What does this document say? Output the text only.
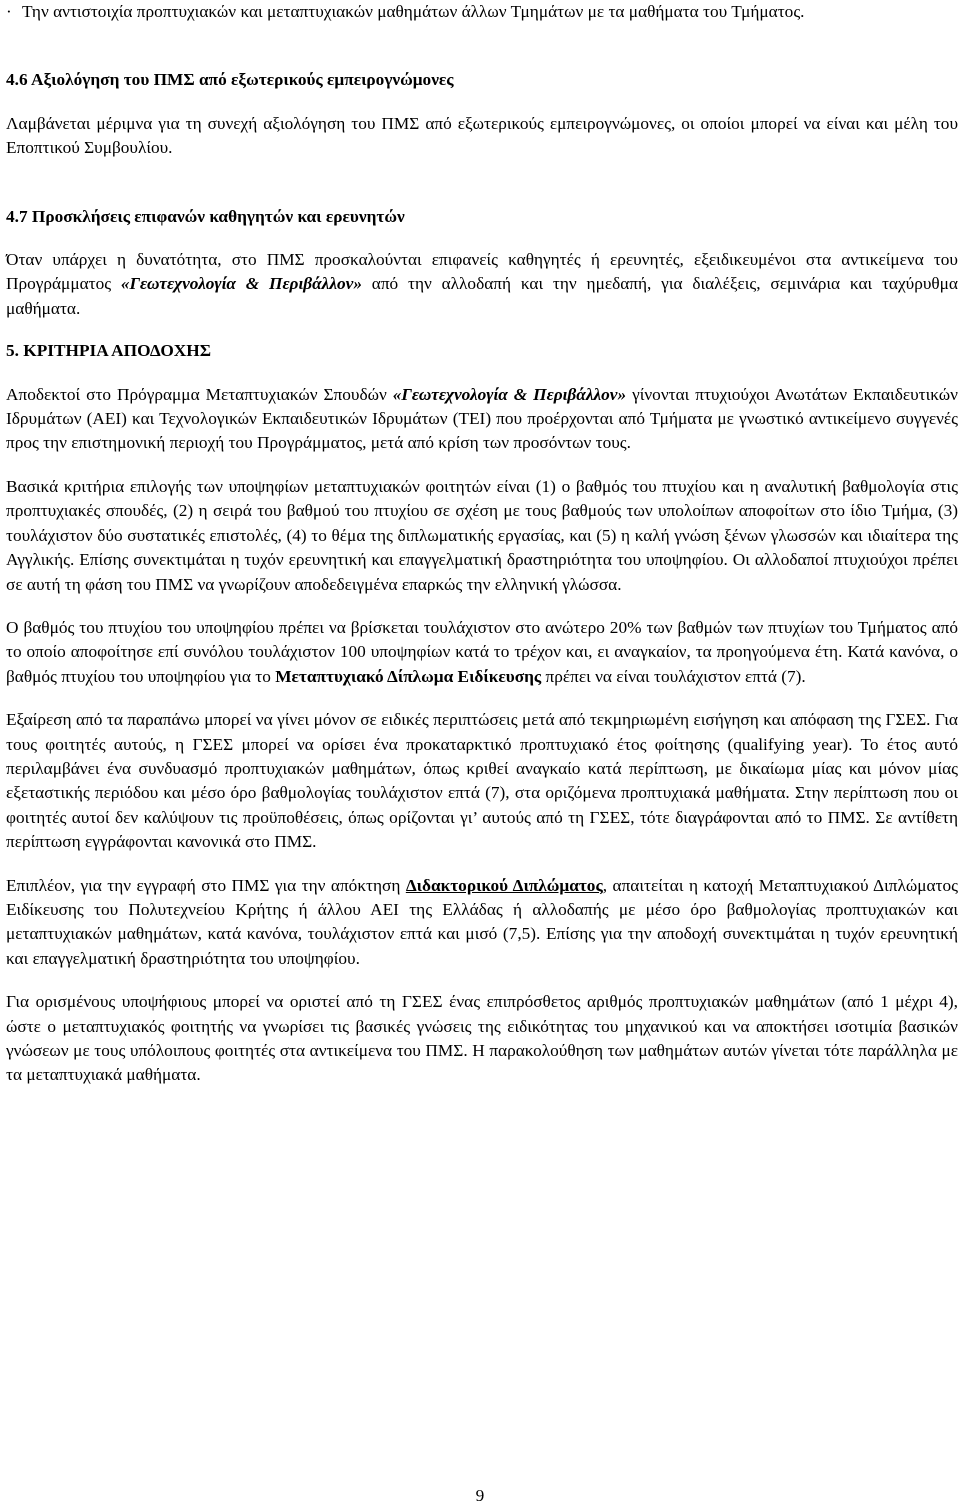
· Την αντιστοιχία προπτυχιακών και μεταπτυχιακών μαθημάτων άλλων Τμημάτων με τα μαθήματα του Τμήματος.

4.6 Αξιολόγηση του ΠΜΣ από εξωτερικούς εμπειρογνώμονες

Λαμβάνεται μέριμνα για τη συνεχή αξιολόγηση του ΠΜΣ από εξωτερικούς εμπειρογνώμονες, οι οποίοι μπορεί να είναι και μέλη του Εποπτικού Συμβουλίου.

4.7 Προσκλήσεις επιφανών καθηγητών και ερευνητών

Όταν υπάρχει η δυνατότητα, στο ΠΜΣ προσκαλούνται επιφανείς καθηγητές ή ερευνητές, εξειδικευμένοι στα αντικείμενα του Προγράμματος «Γεωτεχνολογία & Περιβάλλον» από την αλλοδαπή και την ημεδαπή, για διαλέξεις, σεμινάρια και ταχύρυθμα μαθήματα.

5. ΚΡΙΤΗΡΙΑ ΑΠΟΔΟΧΗΣ

Αποδεκτοί στο Πρόγραμμα Μεταπτυχιακών Σπουδών «Γεωτεχνολογία & Περιβάλλον» γίνονται πτυχιούχοι Ανωτάτων Εκπαιδευτικών Ιδρυμάτων (ΑΕΙ) και Τεχνολογικών Εκπαιδευτικών Ιδρυμάτων (ΤΕΙ) που προέρχονται από Τμήματα με γνωστικό αντικείμενο συγγενές προς την επιστημονική περιοχή του Προγράμματος, μετά από κρίση των προσόντων τους.

Βασικά κριτήρια επιλογής των υποψηφίων μεταπτυχιακών φοιτητών είναι (1) ο βαθμός του πτυχίου και η αναλυτική βαθμολογία στις προπτυχιακές σπουδές, (2) η σειρά του βαθμού του πτυχίου σε σχέση με τους βαθμούς των υπολοίπων αποφοίτων στο ίδιο Τμήμα, (3) τουλάχιστον δύο συστατικές επιστολές, (4) το θέμα της διπλωματικής εργασίας, και (5) η καλή γνώση ξένων γλωσσών και ιδιαίτερα της Αγγλικής. Επίσης συνεκτιμάται η τυχόν ερευνητική και επαγγελματική δραστηριότητα του υποψηφίου. Οι αλλοδαποί πτυχιούχοι πρέπει σε αυτή τη φάση του ΠΜΣ να γνωρίζουν αποδεδειγμένα επαρκώς την ελληνική γλώσσα.

Ο βαθμός του πτυχίου του υποψηφίου πρέπει να βρίσκεται τουλάχιστον στο ανώτερο 20% των βαθμών των πτυχίων του Τμήματος από το οποίο αποφοίτησε επί συνόλου τουλάχιστον 100 υποψηφίων κατά το τρέχον και, ει αναγκαίον, τα προηγούμενα έτη. Κατά κανόνα, ο βαθμός πτυχίου του υποψηφίου για το Μεταπτυχιακό Δίπλωμα Ειδίκευσης πρέπει να είναι τουλάχιστον επτά (7).

Εξαίρεση από τα παραπάνω μπορεί να γίνει μόνον σε ειδικές περιπτώσεις μετά από τεκμηριωμένη εισήγηση και απόφαση της ΓΣΕΣ. Για τους φοιτητές αυτούς, η ΓΣΕΣ μπορεί να ορίσει ένα προκαταρκτικό προπτυχιακό έτος φοίτησης (qualifying year). Το έτος αυτό περιλαμβάνει ένα συνδυασμό προπτυχιακών μαθημάτων, όπως κριθεί αναγκαίο κατά περίπτωση, με δικαίωμα μίας και μόνον μίας εξεταστικής περιόδου και μέσο όρο βαθμολογίας τουλάχιστον επτά (7), στα οριζόμενα προπτυχιακά μαθήματα. Στην περίπτωση που οι φοιτητές αυτοί δεν καλύψουν τις προϋποθέσεις, όπως ορίζονται γι’ αυτούς από τη ΓΣΕΣ, τότε διαγράφονται από το ΠΜΣ. Σε αντίθετη περίπτωση εγγράφονται κανονικά στο ΠΜΣ.

Επιπλέον, για την εγγραφή στο ΠΜΣ για την απόκτηση Διδακτορικού Διπλώματος, απαιτείται η κατοχή Μεταπτυχιακού Διπλώματος Ειδίκευσης του Πολυτεχνείου Κρήτης ή άλλου ΑΕΙ της Ελλάδας ή αλλοδαπής με μέσο όρο βαθμολογίας προπτυχιακών και μεταπτυχιακών μαθημάτων, κατά κανόνα, τουλάχιστον επτά και μισό (7,5). Επίσης για την αποδοχή συνεκτιμάται η τυχόν ερευνητική και επαγγελματική δραστηριότητα του υποψηφίου.

Για ορισμένους υποψήφιους μπορεί να οριστεί από τη ΓΣΕΣ ένας επιπρόσθετος αριθμός προπτυχιακών μαθημάτων (από 1 μέχρι 4), ώστε ο μεταπτυχιακός φοιτητής να γνωρίσει τις βασικές γνώσεις της ειδικότητας του μηχανικού και να αποκτήσει ισοτιμία βασικών γνώσεων με τους υπόλοιπους φοιτητές στα αντικείμενα του ΠΜΣ. Η παρακολούθηση των μαθημάτων αυτών γίνεται τότε παράλληλα με τα μεταπτυχιακά μαθήματα.

9
